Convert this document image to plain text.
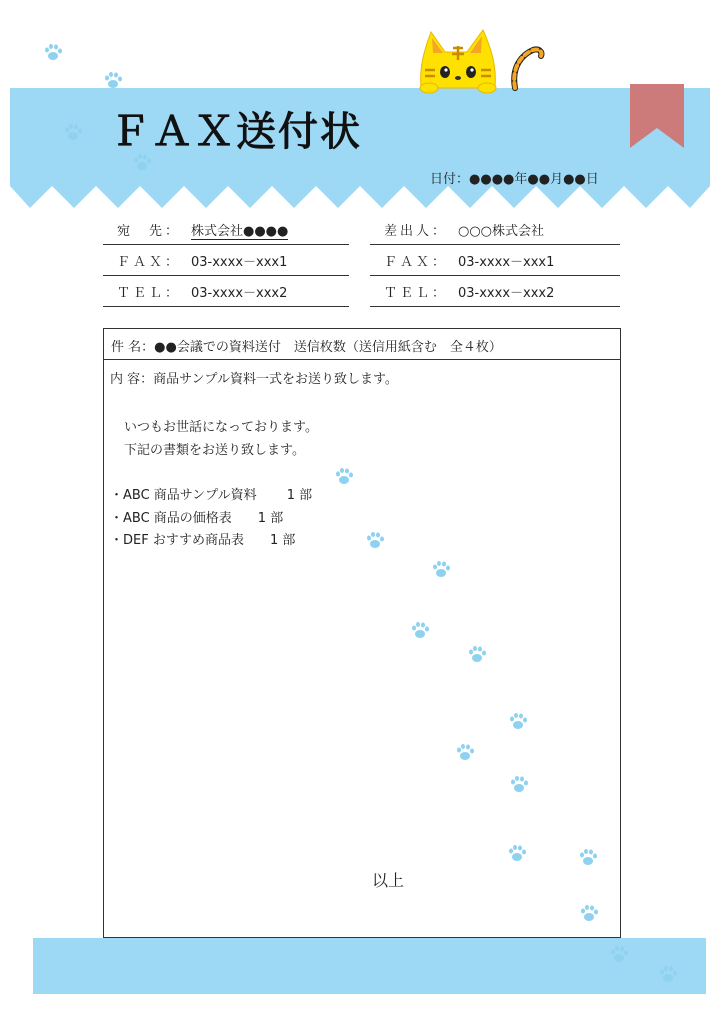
ＦＡＸ送付状
日付：●●●●年●●月●●日
宛　先： 株式会社●●●●
ＦＡＸ： 03-xxxx－xxx1
ＴＥＬ： 03-xxxx－xxx2
差出人： ○○○株式会社
ＦＡＸ： 03-xxxx－xxx1
ＴＥＬ： 03-xxxx－xxx2
件 名：●●会議での資料送付　送信枚数（送信用紙含む　全４枚）
内 容：商品サンプル資料一式をお送り致します。
いつもお世話になっております。
下記の書類をお送り致します。
・ABC 商品サンプル資料　　 1 部
・ABC 商品の価格表　　1 部
・DEF おすすめ商品表　　1 部
以上
